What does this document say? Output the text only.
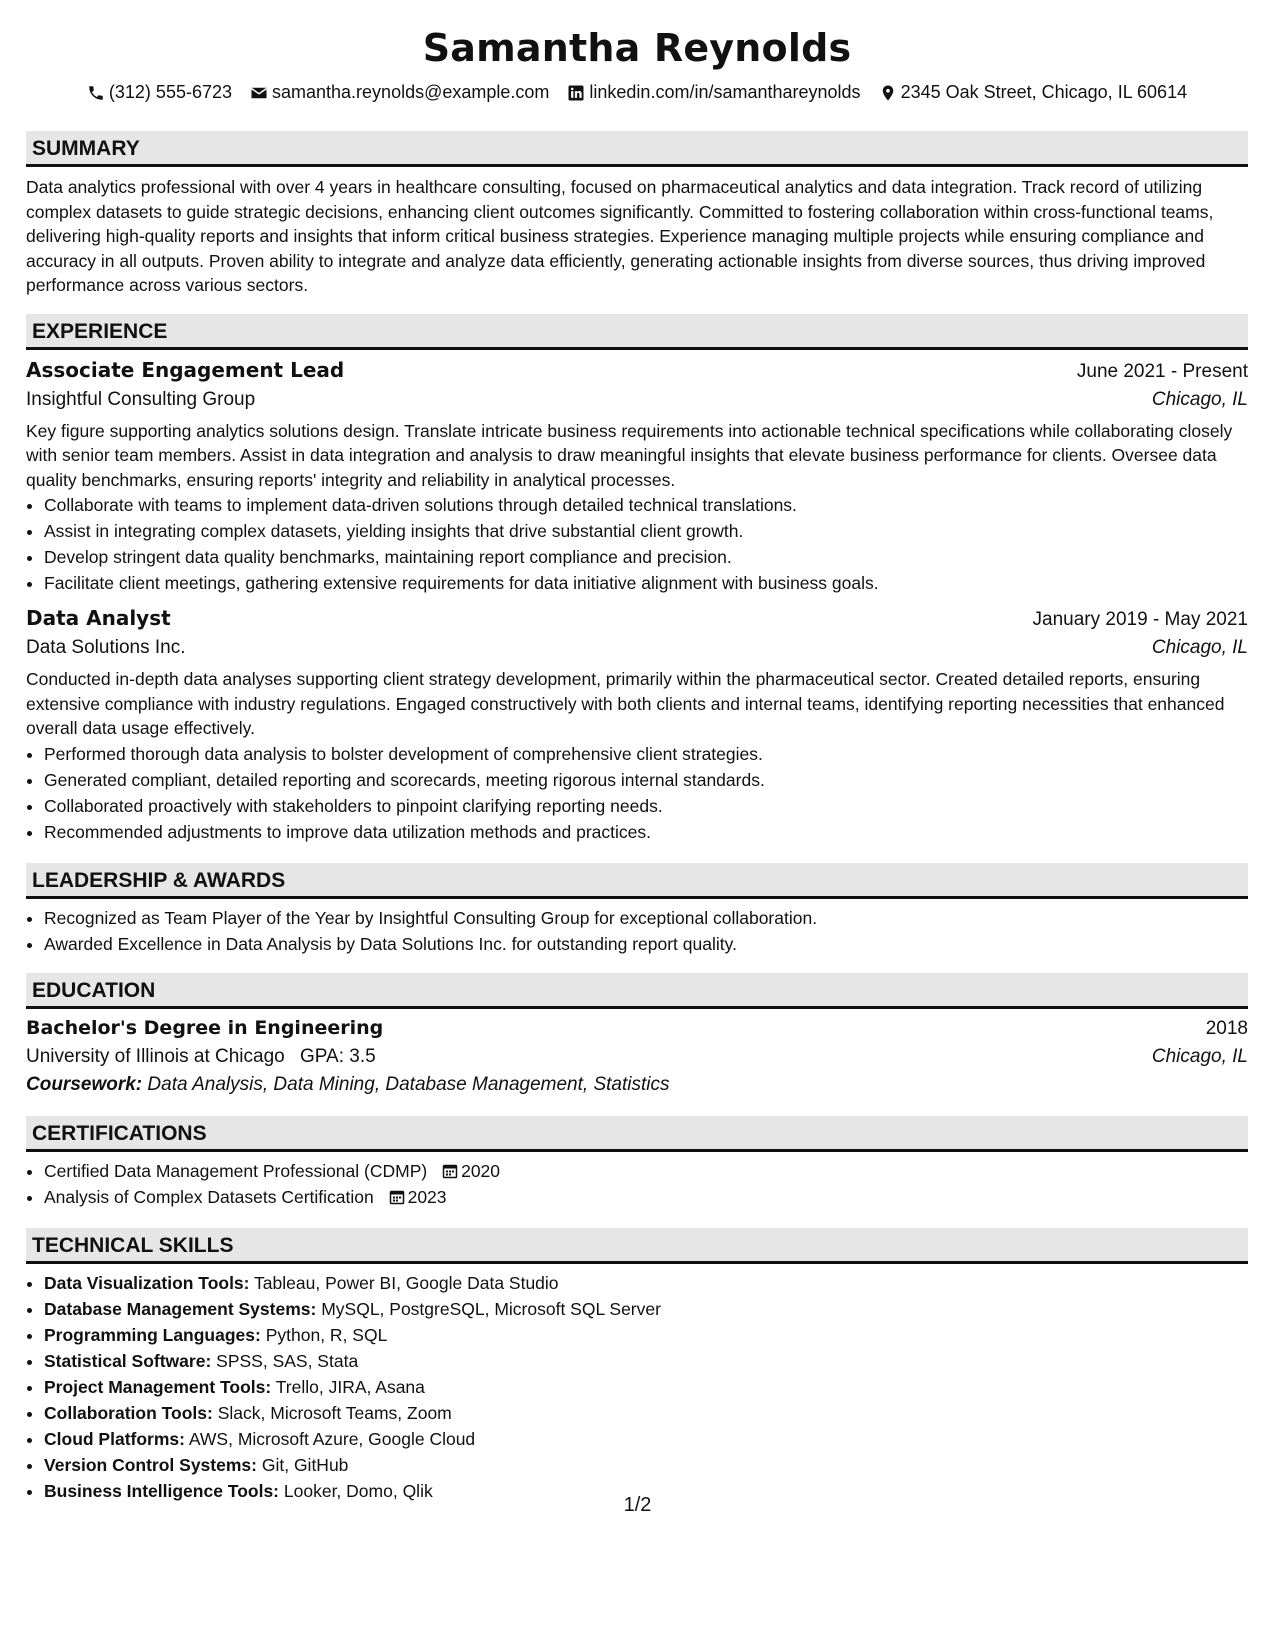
Samantha Reynolds
(312) 555-6723 samantha.reynolds@example.com linkedin.com/in/samanthareynolds 2345 Oak Street, Chicago, IL 60614
SUMMARY

Data analytics professional with over 4 years in healthcare consulting, focused on pharmaceutical analytics and data integration. Track record of utilizing complex datasets to guide strategic decisions, enhancing client outcomes significantly. Committed to fostering collaboration within cross-functional teams, delivering high-quality reports and insights that inform critical business strategies. Experience managing multiple projects while ensuring compliance and accuracy in all outputs. Proven ability to integrate and analyze data efficiently, generating actionable insights from diverse sources, thus driving improved performance across various sectors.

EXPERIENCE
Associate Engagement Lead	June 2021 - Present
Insightful Consulting Group	Chicago, IL

Key figure supporting analytics solutions design. Translate intricate business requirements into actionable technical specifications while collaborating closely with senior team members. Assist in data integration and analysis to draw meaningful insights that elevate business performance for clients. Oversee data quality benchmarks, ensuring reports' integrity and reliability in analytical processes.

• Collaborate with teams to implement data-driven solutions through detailed technical translations.
• Assist in integrating complex datasets, yielding insights that drive substantial client growth.
• Develop stringent data quality benchmarks, maintaining report compliance and precision.
• Facilitate client meetings, gathering extensive requirements for data initiative alignment with business goals.
Data Analyst	January 2019 - May 2021
Data Solutions Inc.	Chicago, IL

Conducted in-depth data analyses supporting client strategy development, primarily within the pharmaceutical sector. Created detailed reports, ensuring extensive compliance with industry regulations. Engaged constructively with both clients and internal teams, identifying reporting necessities that enhanced overall data usage effectively.

• Performed thorough data analysis to bolster development of comprehensive client strategies.
• Generated compliant, detailed reporting and scorecards, meeting rigorous internal standards.
• Collaborated proactively with stakeholders to pinpoint clarifying reporting needs.
• Recommended adjustments to improve data utilization methods and practices.
LEADERSHIP & AWARDS
• Recognized as Team Player of the Year by Insightful Consulting Group for exceptional collaboration.
• Awarded Excellence in Data Analysis by Data Solutions Inc. for outstanding report quality.
EDUCATION
Bachelor's Degree in Engineering	2018
University of Illinois at Chicago GPA: 3.5	Chicago, IL
Coursework: Data Analysis, Data Mining, Database Management, Statistics
CERTIFICATIONS
• Certified Data Management Professional (CDMP) 2020
• Analysis of Complex Datasets Certification 2023
TECHNICAL SKILLS
• Data Visualization Tools: Tableau, Power BI, Google Data Studio
• Database Management Systems: MySQL, PostgreSQL, Microsoft SQL Server
• Programming Languages: Python, R, SQL
• Statistical Software: SPSS, SAS, Stata
• Project Management Tools: Trello, JIRA, Asana
• Collaboration Tools: Slack, Microsoft Teams, Zoom
• Cloud Platforms: AWS, Microsoft Azure, Google Cloud
• Version Control Systems: Git, GitHub
• Business Intelligence Tools: Looker, Domo, Qlik
1/2
